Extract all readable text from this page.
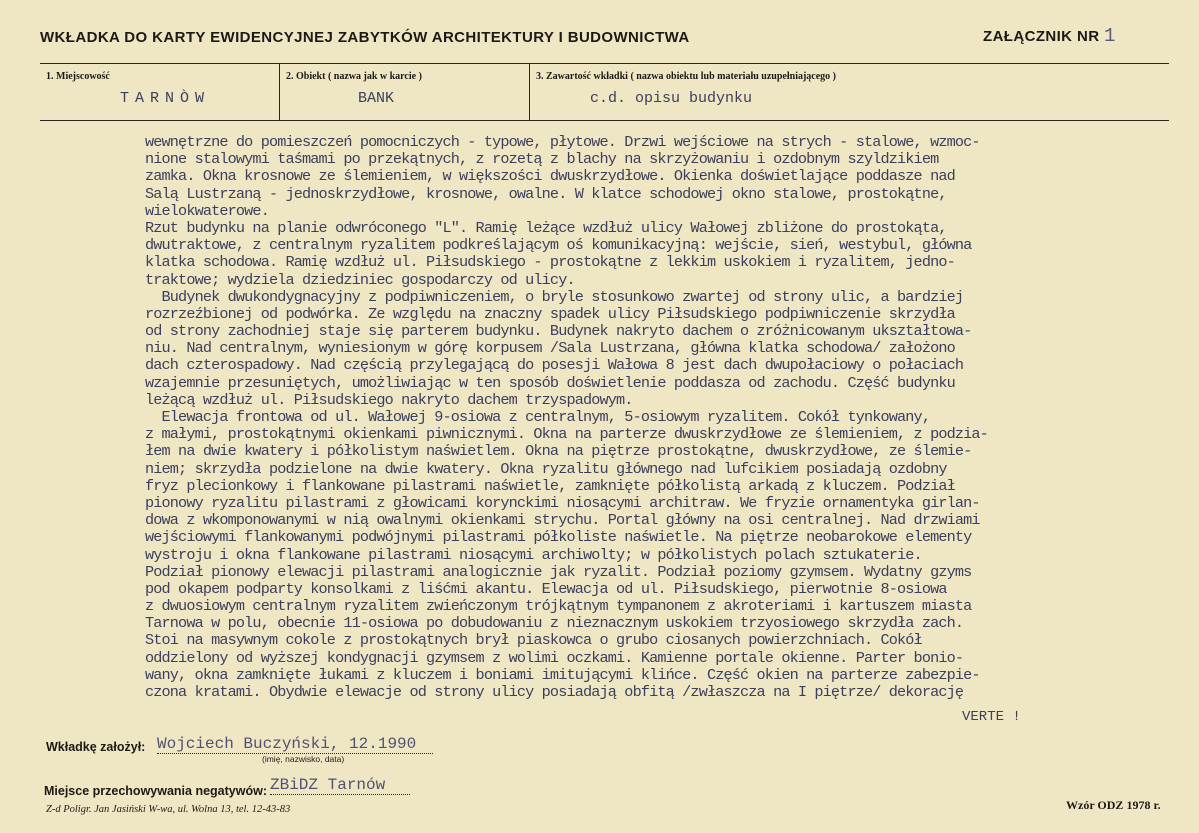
WKŁADKA DO KARTY EWIDENCYJNEJ ZABYTKÓW ARCHITEKTURY I BUDOWNICTWA	ZAŁĄCZNIK NR 1
1. Miejscowość
TARNÒW
2. Obiekt ( nazwa jak w karcie )
BANK
3. Zawartość wkładki ( nazwa obiektu lub materiału uzupełniającego )
c.d. opisu budynku
wewnętrzne do pomieszczeń pomocniczych - typowe, płytowe. Drzwi wejściowe na strych - stalowe, wzmoc-
nione stalowymi taśmami po przekątnych, z rozetą z blachy na skrzyżowaniu i ozdobnym szyldzikiem
zamka. Okna krosnowe ze ślemieniem, w większości dwuskrzydłowe. Okienka doświetlające poddasze nad
Salą Lustrzaną - jednoskrzydłowe, krosnowe, owalne. W klatce schodowej okno stalowe, prostokątne,
wielokwaterowe.
Rzut budynku na planie odwróconego "L". Ramię leżące wzdłuż ulicy Wałowej zbliżone do prostokąta,
dwutraktowe, z centralnym ryzalitem podkreślającym oś komunikacyjną: wejście, sień, westybul, główna
klatka schodowa. Ramię wzdłuż ul. Piłsudskiego - prostokątne z lekkim uskokiem i ryzalitem, jedno-
traktowe; wydziela dziedziniec gospodarczy od ulicy.
Budynek dwukondygnacyjny z podpiwniczeniem, o bryle stosunkowo zwartej od strony ulic, a bardziej
rozrzeźbionej od podwórka. Ze względu na znaczny spadek ulicy Piłsudskiego podpiwniczenie skrzydła
od strony zachodniej staje się parterem budynku. Budynek nakryto dachem o zróżnicowanym ukształtowa-
niu. Nad centralnym, wyniesionym w górę korpusem /Sala Lustrzana, główna klatka schodowa/ założono
dach czterospadowy. Nad częścią przylegającą do posesji Wałowa 8 jest dach dwupołaciowy o połaciach
wzajemnie przesuniętych, umożliwiając w ten sposób doświetlenie poddasza od zachodu. Część budynku
leżącą wzdłuż ul. Piłsudskiego nakryto dachem trzyspadowym.
Elewacja frontowa od ul. Wałowej 9-osiowa z centralnym, 5-osiowym ryzalitem. Cokół tynkowany,
z małymi, prostokątnymi okienkami piwnicznymi. Okna na parterze dwuskrzydłowe ze ślemieniem, z podzia-
łem na dwie kwatery i półkolistym naświetlem. Okna na piętrze prostokątne, dwuskrzydłowe, ze ślemie-
niem; skrzydła podzielone na dwie kwatery. Okna ryzalitu głównego nad lufcikiem posiadają ozdobny
fryz plecionkowy i flankowane pilastrami naświetle, zamknięte półkolistą arkadą z kluczem. Podział
pionowy ryzalitu pilastrami z głowicami korynckimi niosącymi architraw. We fryzie ornamentyka girlan-
dowa z wkomponowanymi w nią owalnymi okienkami strychu. Portal główny na osi centralnej. Nad drzwiami
wejściowymi flankowanymi podwójnymi pilastrami półkoliste naświetle. Na piętrze neobarokowe elementy
wystroju i okna flankowane pilastrami niosącymi archiwolty; w półkolistych polach sztukaterie.
Podział pionowy elewacji pilastrami analogicznie jak ryzalit. Podział poziomy gzymsem. Wydatny gzyms
pod okapem podparty konsolkami z liśćmi akantu. Elewacja od ul. Piłsudskiego, pierwotnie 8-osiowa
z dwuosiowym centralnym ryzalitem zwieńczonym trójkątnym tympanonem z akroteriami i kartuszem miasta
Tarnowa w polu, obecnie 11-osiowa po dobudowaniu z nieznacznym uskokiem trzyosiowego skrzydła zach.
Stoi na masywnym cokole z prostokątnych brył piaskowca o grubo ciosanych powierzchniach. Cokół
oddzielony od wyższej kondygnacji gzymsem z wolimi oczkami. Kamienne portale okienne. Parter bonio-
wany, okna zamknięte łukami z kluczem i boniami imitującymi klińce. Część okien na parterze zabezpie-
czona kratami. Obydwie elewacje od strony ulicy posiadają obfitą /zwłaszcza na I piętrze/ dekorację
VERTE !
Wkładkę założył: Wojciech Buczyński, 12.1990
(imię, nazwisko, data)
Miejsce przechowywania negatywów: ZBiDZ Tarnów
Z-d Poligr. Jan Jasiński W-wa, ul. Wolna 13, tel. 12-43-83	Wzór ODZ 1978 r.
